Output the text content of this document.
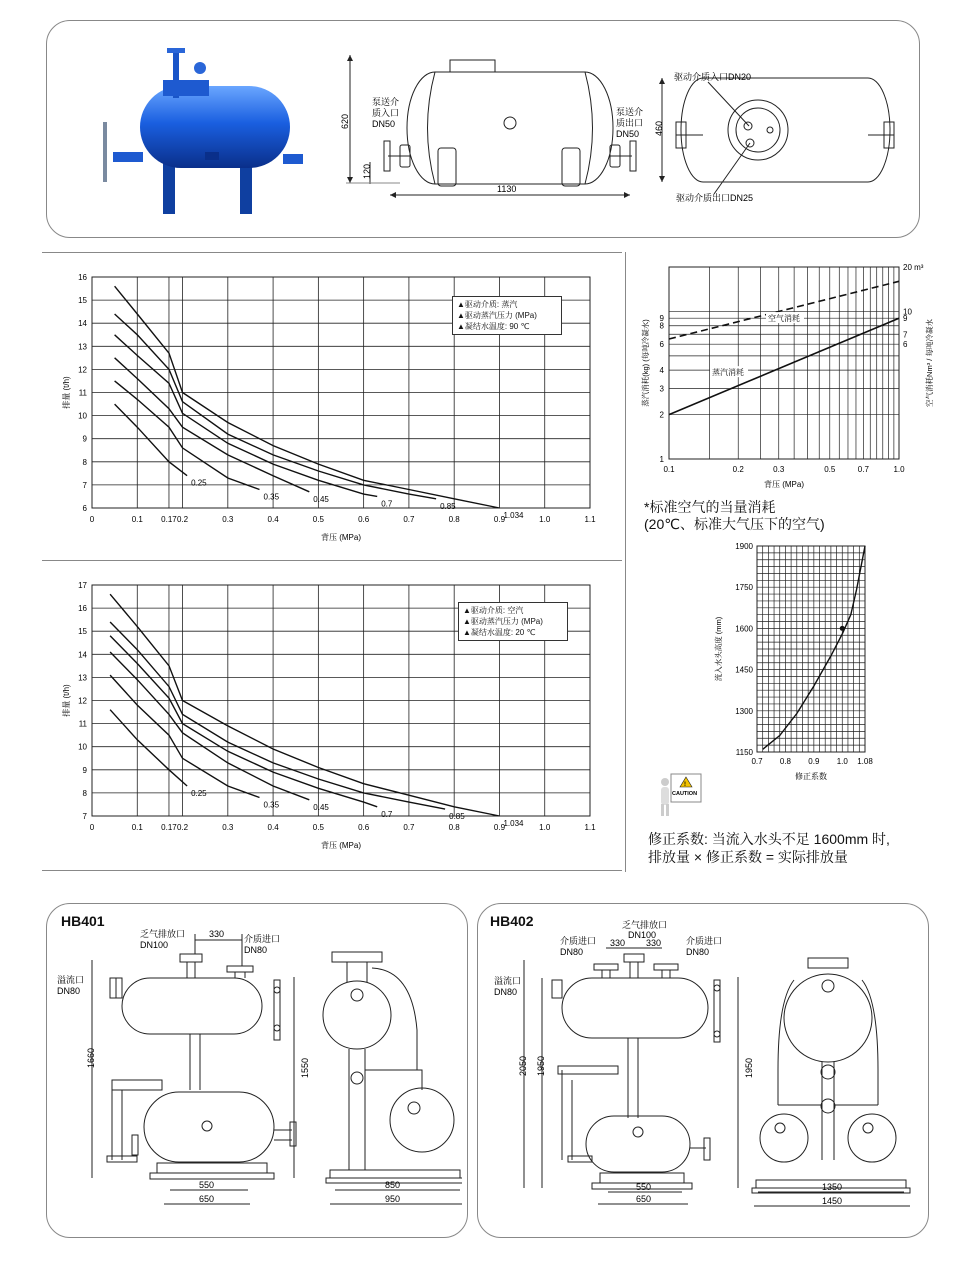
620
120
1130
泵送介
质入口
DN50
泵送介
质出口
DN50 460
驱动介质入口DN20
驱动介质出口DN25
0	0.1 0.17 0.2	0.3	0.4	0.5	0.6	0.7	0.8	0.9	1.0	1.1
6
7
8
9
10
11
12
13
14
15
16
背压 (MPa)
排量 (t/h)
0.25
0.35	0.45
0.7	0.85
1.034
▲驱动介质: 蒸汽
▲驱动蒸汽压力 (MPa)
▲凝结水温度: 90 ℃
0	0.1 0.17 0.2	0.3	0.4	0.5	0.6	0.7	0.8	0.9	1.0	1.1
7
8
9
10
11
12
13
14
15
16
17
背压 (MPa)
排量 (t/h)
0.25
0.35	0.45
0.7	0.85
1.034
▲驱动介质: 空汽
▲驱动蒸汽压力 (MPa)
▲凝结水温度: 20 ℃
0.1	0.2	0.3	0.5	0.7	1.0
1
2
3
4
6
8
9
20 m³
10
9
7
6
背压 (MPa)
蒸汽消耗(kg) (每吨冷凝水)	空气消耗Nm³ / 每吨冷凝水
空气消耗
蒸汽消耗
*标准空气的当量消耗
(20℃、标准大气压下的空气)
0.7 0.8 0.9 1.0 1.08
1150
1300
1450
1600
1750
1900
修正系数
流入水头高度 (mm)
!
CAUTION
修正系数: 当流入水头不足 1600mm 时,
排放量 × 修正系数 = 实际排放量
HB401
乏气排放口
DN100
介质进口
DN80
溢流口
DN80
330
1660	1550
550
650
850
950
HB402	乏气排放口
DN100
介质进口
DN80
介质进口
DN80
溢流口
DN80
330 330
2050 1950	1950
550
650
1350
1450
